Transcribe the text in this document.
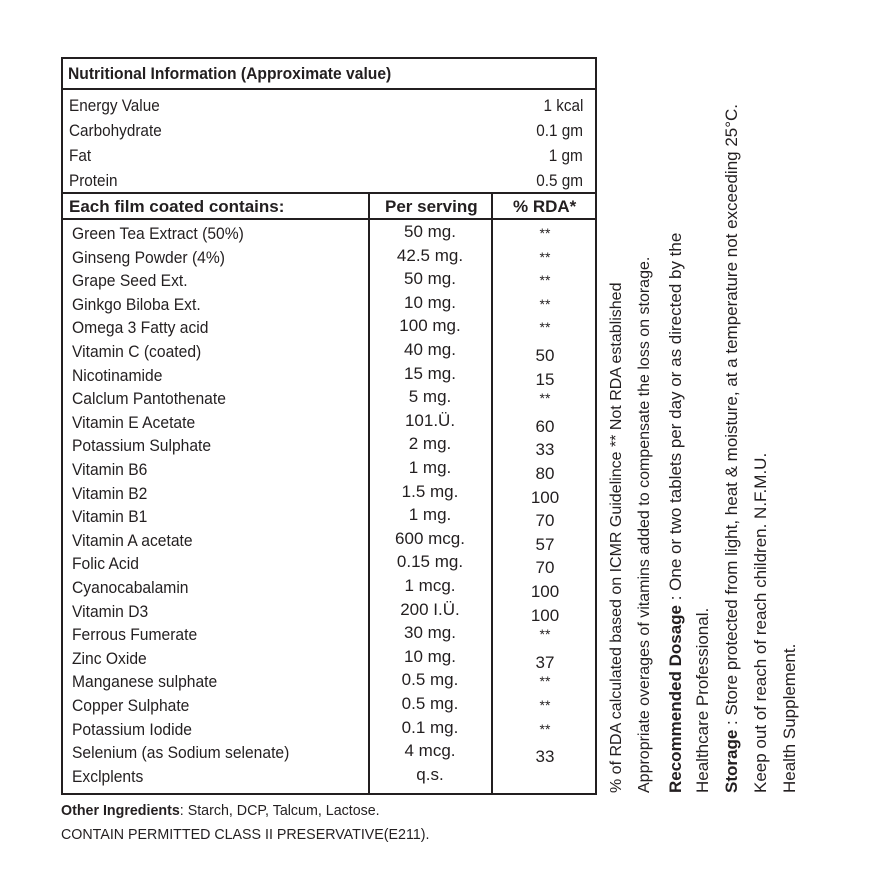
Nutritional Information (Approximate value)
Energy Value	1 kcal
Carbohydrate	0.1 gm
Fat	1 gm
Protein	0.5 gm
Each film coated contains:	Per serving % RDA*
Green Tea Extract (50%)	50 mg.	**
Ginseng Powder (4%)	42.5 mg.	**
Grape Seed Ext.	50 mg.	**
Ginkgo Biloba Ext.	10 mg.	**
Omega 3 Fatty acid	100 mg.	**
Vitamin C (coated)	40 mg.	50
Nicotinamide	15 mg.	15
Calclum Pantothenate	5 mg.	**
Vitamin E Acetate	101.Ü.	60
Potassium Sulphate	2 mg.	33
Vitamin B6	1 mg.	80
Vitamin B2	1.5 mg.	100
Vitamin B1	1 mg.	70
Vitamin A acetate	600 mcg.	57
Folic Acid	0.15 mg.	70
Cyanocabalamin	1 mcg.	100
Vitamin D3	200 I.Ü.	100
Ferrous Fumerate	30 mg.	**
Zinc Oxide	10 mg.	37
Manganese sulphate	0.5 mg.	**
Copper Sulphate	0.5 mg.	**
Potassium Iodide	0.1 mg.	**
Selenium (as Sodium selenate)	4 mcg.	33
Exclplents	q.s.
Other Ingredients: Starch, DCP, Talcum, Lactose.
CONTAIN PERMITTED CLASS II PRESERVATIVE(E211).
% of RDA calculated based on ICMR Guidelince ** Not RDA established Appropriate overages of vitamins added to compensate the loss on storage. Recommended Dosage : One or two tablets per day or as directed by the
Healthcare Professional. Storage : Store protected from light, heat & moisture, at a temperature not exceeding 25°C. Keep out of reach of reach children. N.F.M.U. Health Supplement.
